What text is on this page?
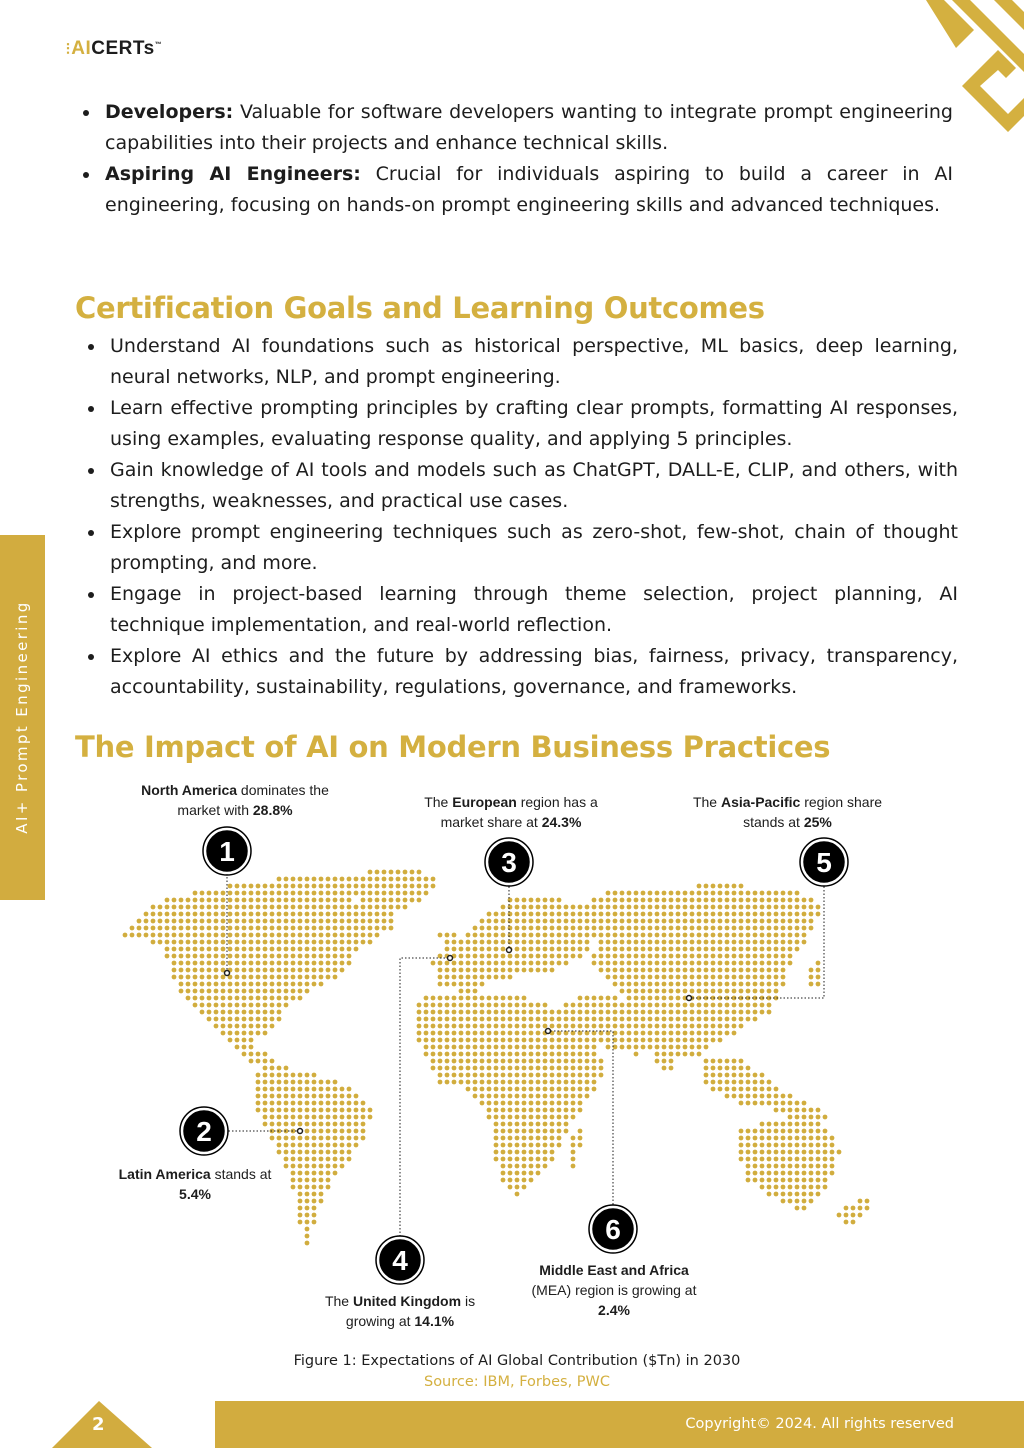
⫶AICERTs™
AI+ Prompt Engineering
Developers: Valuable for software developers wanting to integrate prompt engineering capabilities into their projects and enhance technical skills.
Aspiring AI Engineers: Crucial for individuals aspiring to build a career in AI engineering, focusing on hands-on prompt engineering skills and advanced techniques.
Certification Goals and Learning Outcomes
Understand AI foundations such as historical perspective, ML basics, deep learning, neural networks, NLP, and prompt engineering.
Learn effective prompting principles by crafting clear prompts, formatting AI responses, using examples, evaluating response quality, and applying 5 principles.
Gain knowledge of AI tools and models such as ChatGPT, DALL-E, CLIP, and others, with strengths, weaknesses, and practical use cases.
Explore prompt engineering techniques such as zero-shot, few-shot, chain of thought prompting, and more.
Engage in project-based learning through theme selection, project planning, AI technique implementation, and real-world reflection.
Explore AI ethics and the future by addressing bias, fairness, privacy, transparency, accountability, sustainability, regulations, governance, and frameworks.
The Impact of AI on Modern Business Practices
1
2
3
4
5
6
North America dominates the market with 28.8%
Latin America stands at 5.4%
The European region has a market share at 24.3%
The United Kingdom is growing at 14.1%
The Asia-Pacific region share stands at 25%
Middle East and Africa (MEA) region is growing at 2.4%
Figure 1: Expectations of AI Global Contribution ($Tn) in 2030
Source: IBM, Forbes, PWC
2	Copyright© 2024. All rights reserved
